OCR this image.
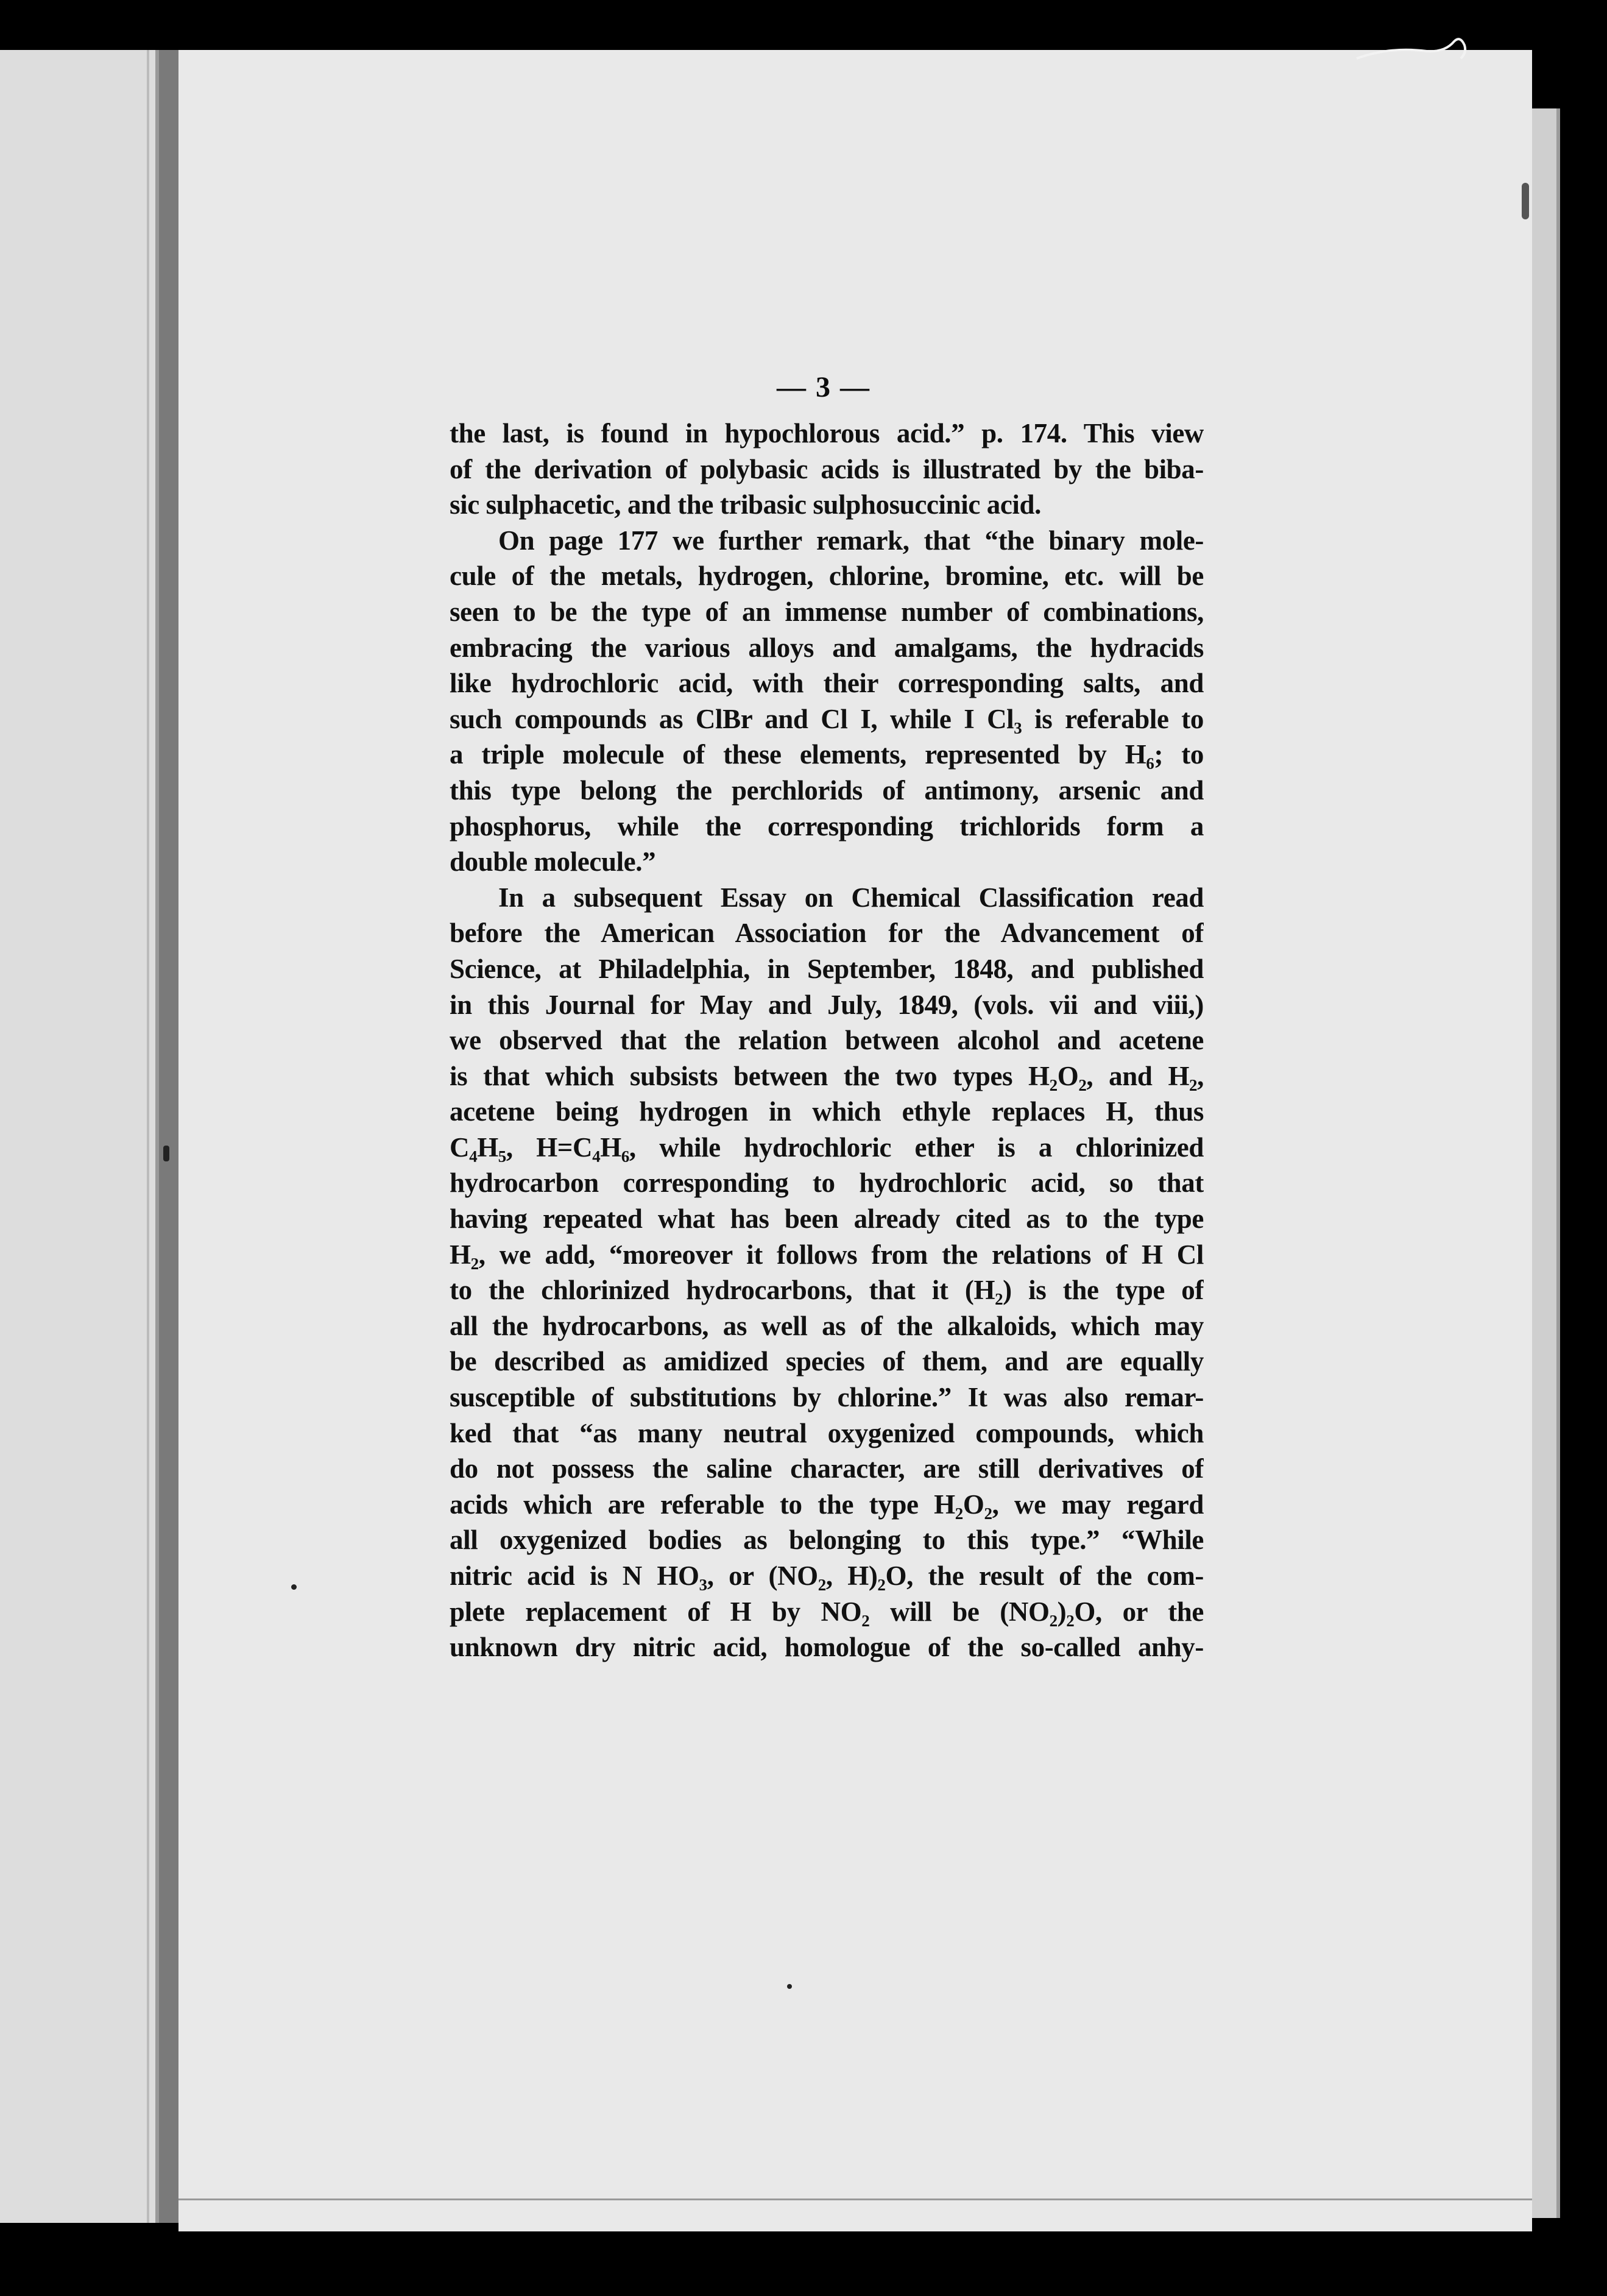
— 3 —
the last, is found in hypochlorous acid.” p. 174. This view
of the derivation of polybasic acids is illustrated by the biba-
sic sulphacetic, and the tribasic sulphosuccinic acid.
On page 177 we further remark, that “the binary mole-
cule of the metals, hydrogen, chlorine, bromine, etc. will be
seen to be the type of an immense number of combinations,
embracing the various alloys and amalgams, the hydracids
like hydrochloric acid, with their corresponding salts, and
such compounds as ClBr and Cl I, while I Cl₃ is referable to
a triple molecule of these elements, represented by H₆; to
this type belong the perchlorids of antimony, arsenic and
phosphorus, while the corresponding trichlorids form a
double molecule.”
In a subsequent Essay on Chemical Classification read
before the American Association for the Advancement of
Science, at Philadelphia, in September, 1848, and published
in this Journal for May and July, 1849, (vols. vii and viii,)
we observed that the relation between alcohol and acetene
is that which subsists between the two types H₂O₂, and H₂,
acetene being hydrogen in which ethyle replaces H, thus
C₄H₅, H=C₄H₆, while hydrochloric ether is a chlorinized
hydrocarbon corresponding to hydrochloric acid, so that
having repeated what has been already cited as to the type
H₂, we add, “moreover it follows from the relations of H Cl
to the chlorinized hydrocarbons, that it (H₂) is the type of
all the hydrocarbons, as well as of the alkaloids, which may
be described as amidized species of them, and are equally
susceptible of substitutions by chlorine.” It was also remar-
ked that “as many neutral oxygenized compounds, which
do not possess the saline character, are still derivatives of
acids which are referable to the type H₂O₂, we may regard
all oxygenized bodies as belonging to this type.” “While
nitric acid is N HO₃, or (NO₂, H)₂O, the result of the com-
plete replacement of H by NO₂ will be (NO₂)₂O, or the
unknown dry nitric acid, homologue of the so-called anhy-
